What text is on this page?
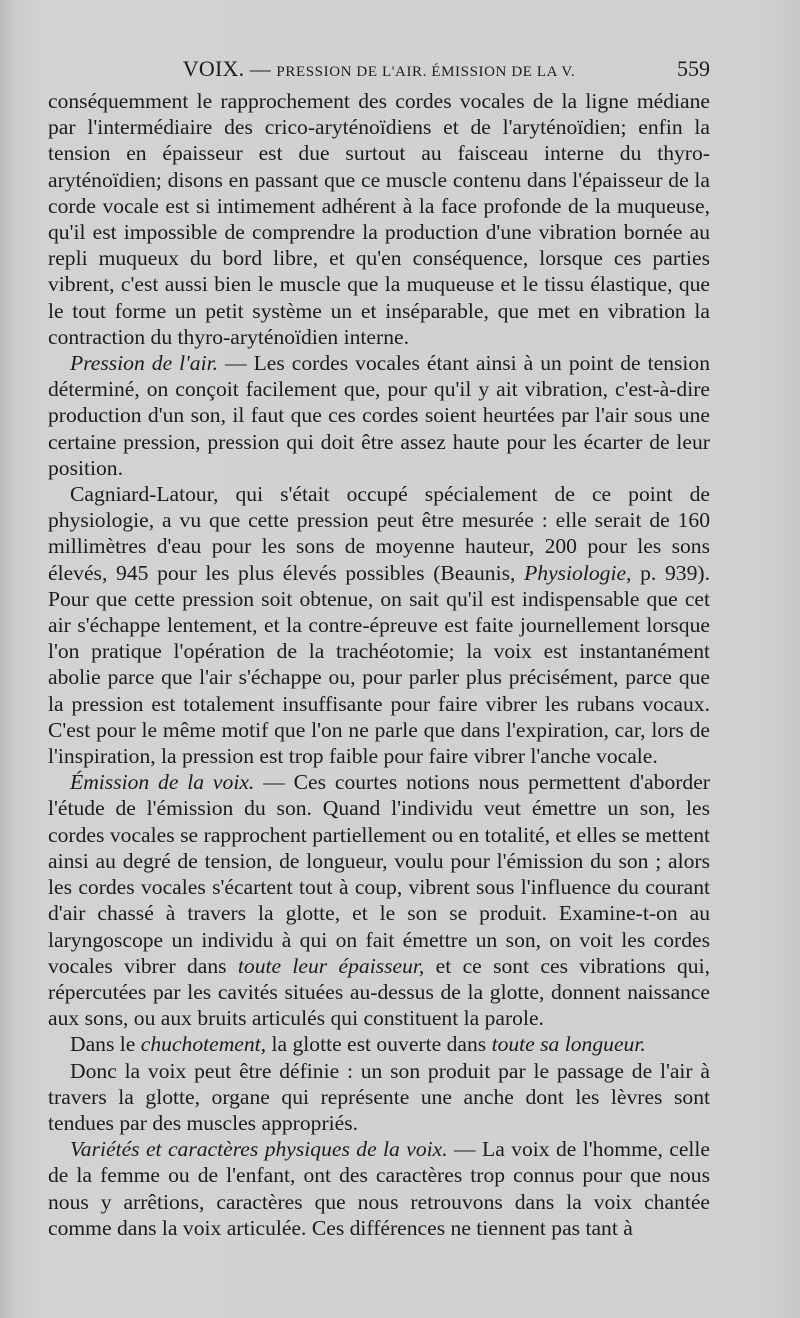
VOIX. — PRESSION DE L'AIR. ÉMISSION DE LA V.	559

conséquemment le rapprochement des cordes vocales de la ligne médiane par l'intermédiaire des crico-aryténoïdiens et de l'aryténoïdien; enfin la tension en épaisseur est due surtout au faisceau interne du thyro-aryténoïdien; disons en passant que ce muscle contenu dans l'épaisseur de la corde vocale est si intimement adhérent à la face profonde de la muqueuse, qu'il est impossible de comprendre la production d'une vibration bornée au repli muqueux du bord libre, et qu'en conséquence, lorsque ces parties vibrent, c'est aussi bien le muscle que la muqueuse et le tissu élastique, que le tout forme un petit système un et inséparable, que met en vibration la contraction du thyro-aryténoïdien interne.

Pression de l'air. — Les cordes vocales étant ainsi à un point de tension déterminé, on conçoit facilement que, pour qu'il y ait vibration, c'est-à-dire production d'un son, il faut que ces cordes soient heurtées par l'air sous une certaine pression, pression qui doit être assez haute pour les écarter de leur position.

Cagniard-Latour, qui s'était occupé spécialement de ce point de physiologie, a vu que cette pression peut être mesurée : elle serait de 160 millimètres d'eau pour les sons de moyenne hauteur, 200 pour les sons élevés, 945 pour les plus élevés possibles (Beaunis, Physiologie, p. 939). Pour que cette pression soit obtenue, on sait qu'il est indispensable que cet air s'échappe lentement, et la contre-épreuve est faite journellement lorsque l'on pratique l'opération de la trachéotomie; la voix est instantanément abolie parce que l'air s'échappe ou, pour parler plus précisément, parce que la pression est totalement insuffisante pour faire vibrer les rubans vocaux. C'est pour le même motif que l'on ne parle que dans l'expiration, car, lors de l'inspiration, la pression est trop faible pour faire vibrer l'anche vocale.

Émission de la voix. — Ces courtes notions nous permettent d'aborder l'étude de l'émission du son. Quand l'individu veut émettre un son, les cordes vocales se rapprochent partiellement ou en totalité, et elles se mettent ainsi au degré de tension, de longueur, voulu pour l'émission du son ; alors les cordes vocales s'écartent tout à coup, vibrent sous l'influence du courant d'air chassé à travers la glotte, et le son se produit. Examine-t-on au laryngoscope un individu à qui on fait émettre un son, on voit les cordes vocales vibrer dans toute leur épaisseur, et ce sont ces vibrations qui, répercutées par les cavités situées au-dessus de la glotte, donnent naissance aux sons, ou aux bruits articulés qui constituent la parole.

Dans le chuchotement, la glotte est ouverte dans toute sa longueur.

Donc la voix peut être définie : un son produit par le passage de l'air à travers la glotte, organe qui représente une anche dont les lèvres sont tendues par des muscles appropriés.

Variétés et caractères physiques de la voix. — La voix de l'homme, celle de la femme ou de l'enfant, ont des caractères trop connus pour que nous nous y arrêtions, caractères que nous retrouvons dans la voix chantée comme dans la voix articulée. Ces différences ne tiennent pas tant à
